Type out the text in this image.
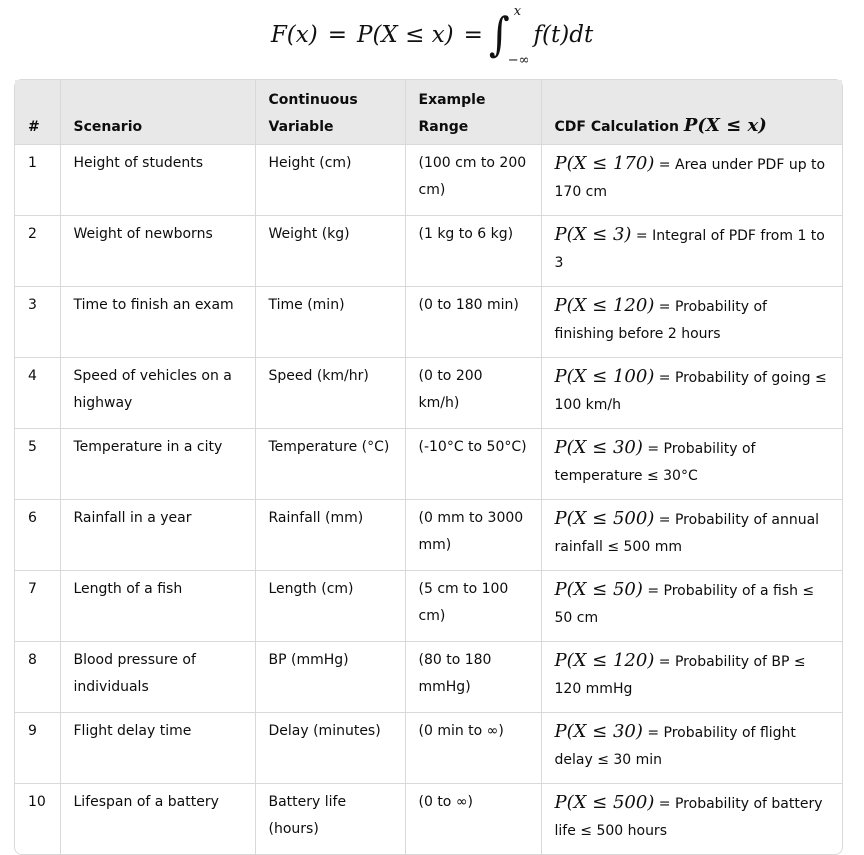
F(x) = P(X ≤ x) = ∫ x
−∞
f(t)dt
#	Scenario	Continuous Variable	Example Range	CDF Calculation P(X ≤ x)
1	Height of students	Height (cm)	(100 cm to 200 cm)	P(X ≤ 170) = Area under PDF up to 170 cm
2	Weight of newborns	Weight (kg)	(1 kg to 6 kg)	P(X ≤ 3) = Integral of PDF from 1 to 3
3	Time to finish an exam	Time (min)	(0 to 180 min)	P(X ≤ 120) = Probability of finishing before 2 hours
4	Speed of vehicles on a highway	Speed (km/hr)	(0 to 200 km/h)	P(X ≤ 100) = Probability of going ≤ 100 km/h
5	Temperature in a city	Temperature (°C)	(-10°C to 50°C)	P(X ≤ 30) = Probability of temperature ≤ 30°C
6	Rainfall in a year	Rainfall (mm)	(0 mm to 3000 mm)	P(X ≤ 500) = Probability of annual rainfall ≤ 500 mm
7	Length of a fish	Length (cm)	(5 cm to 100 cm)	P(X ≤ 50) = Probability of a fish ≤ 50 cm
8	Blood pressure of individuals	BP (mmHg)	(80 to 180 mmHg)	P(X ≤ 120) = Probability of BP ≤ 120 mmHg
9	Flight delay time	Delay (minutes)	(0 min to ∞)	P(X ≤ 30) = Probability of flight delay ≤ 30 min
10	Lifespan of a battery	Battery life (hours)	(0 to ∞)	P(X ≤ 500) = Probability of battery life ≤ 500 hours
